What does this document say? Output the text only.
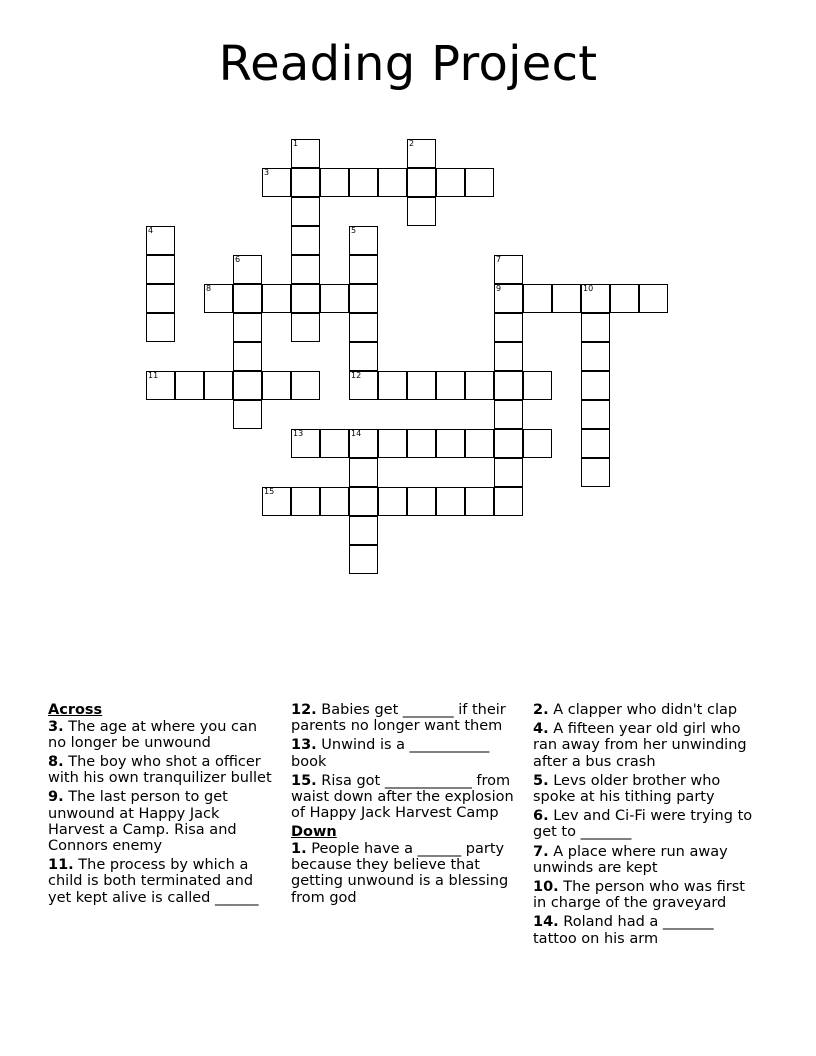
Reading Project
1	2
3
4	5
6	7
8	9	10
11	12
13	14
15
Across
3. The age at where you can no longer be unwound
8. The boy who shot a officer with his own tranquilizer bullet
9. The last person to get unwound at Happy Jack Harvest a Camp. Risa and Connors enemy
11. The process by which a child is both terminated and yet kept alive is called ______
12. Babies get _______ if their parents no longer want them
13. Unwind is a ___________ book
15. Risa got ____________ from waist down after the explosion of Happy Jack Harvest Camp
Down
1. People have a ______ party because they believe that getting unwound is a blessing from god
2. A clapper who didn't clap
4. A fifteen year old girl who ran away from her unwinding after a bus crash
5. Levs older brother who spoke at his tithing party
6. Lev and Ci-Fi were trying to get to _______
7. A place where run away unwinds are kept
10. The person who was first in charge of the graveyard
14. Roland had a _______ tattoo on his arm
